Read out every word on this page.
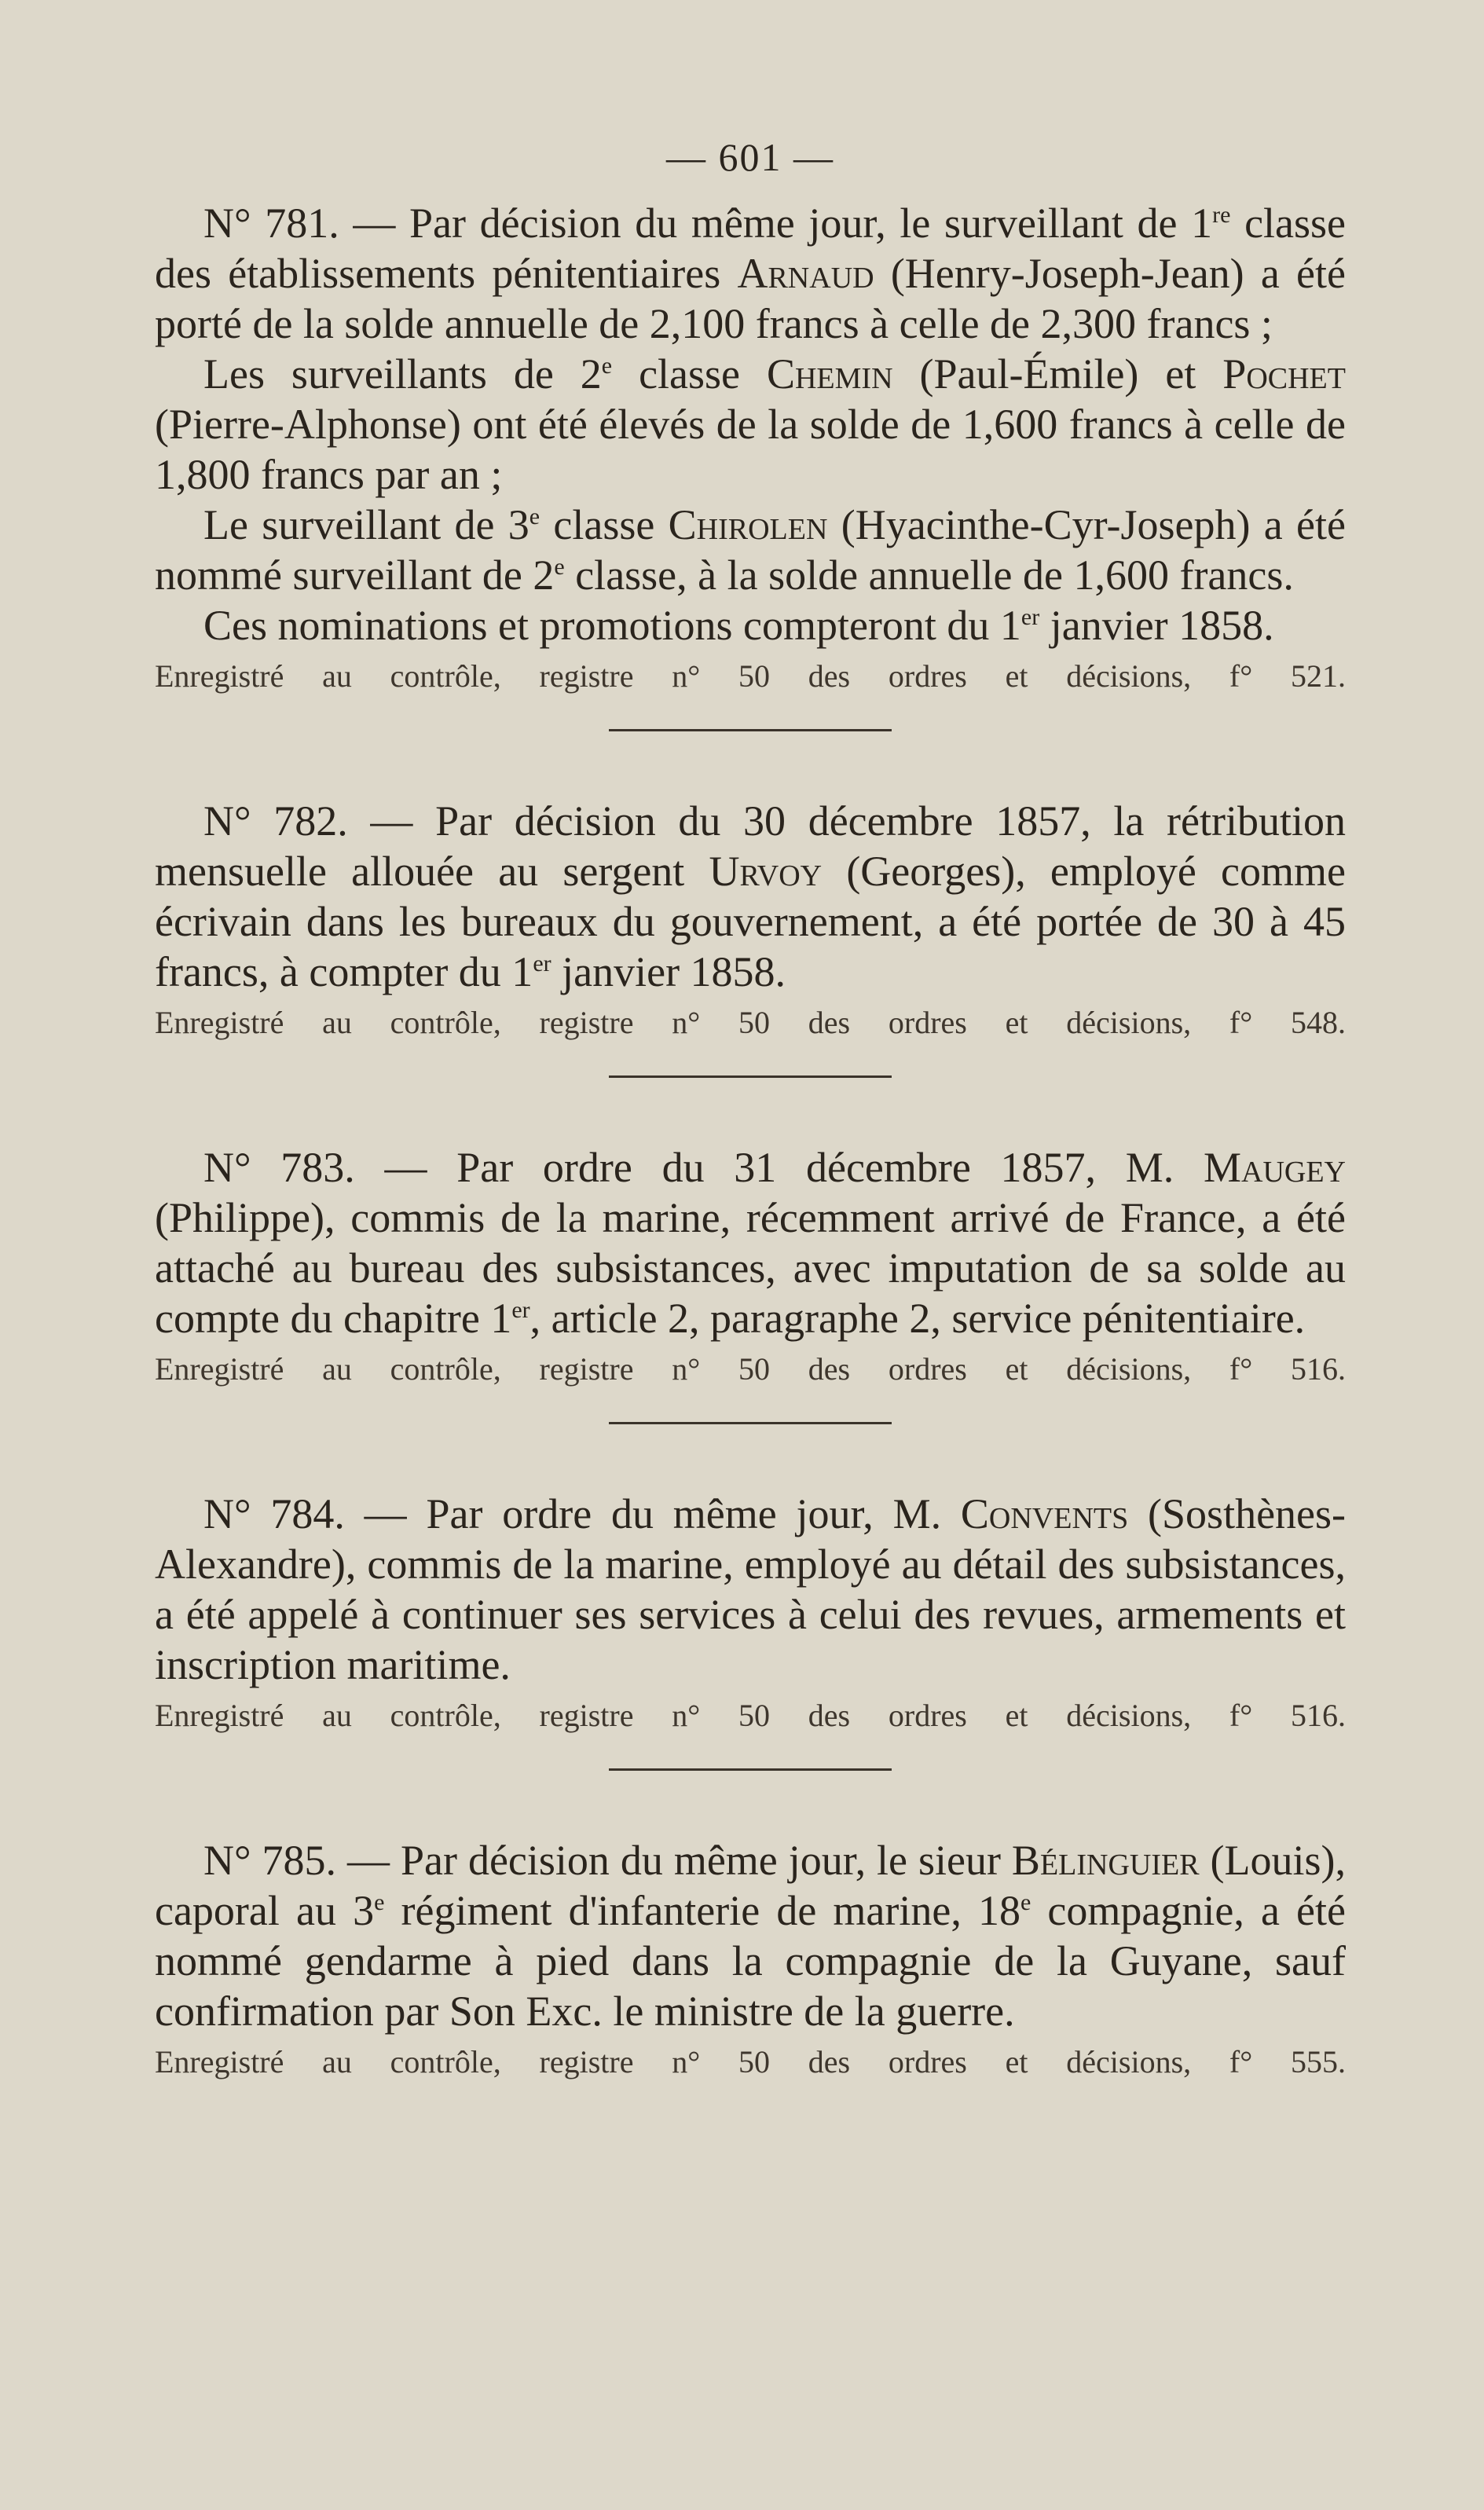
— 601 —

N° 781. — Par décision du même jour, le surveillant de 1re classe des établissements pénitentiaires Arnaud (Henry-Joseph-Jean) a été porté de la solde annuelle de 2,100 francs à celle de 2,300 francs ;

Les surveillants de 2e classe Chemin (Paul-Émile) et Pochet (Pierre-Alphonse) ont été élevés de la solde de 1,600 francs à celle de 1,800 francs par an ;

Le surveillant de 3e classe Chirolen (Hyacinthe-Cyr-Joseph) a été nommé surveillant de 2e classe, à la solde annuelle de 1,600 francs.

Ces nominations et promotions compteront du 1er janvier 1858.

Enregistré au contrôle, registre n° 50 des ordres et décisions, f° 521.

N° 782. — Par décision du 30 décembre 1857, la rétribution mensuelle allouée au sergent Urvoy (Georges), employé comme écrivain dans les bureaux du gouvernement, a été portée de 30 à 45 francs, à compter du 1er janvier 1858.

Enregistré au contrôle, registre n° 50 des ordres et décisions, f° 548.

N° 783. — Par ordre du 31 décembre 1857, M. Maugey (Philippe), commis de la marine, récemment arrivé de France, a été attaché au bureau des subsistances, avec imputation de sa solde au compte du chapitre 1er, article 2, paragraphe 2, service pénitentiaire.

Enregistré au contrôle, registre n° 50 des ordres et décisions, f° 516.

N° 784. — Par ordre du même jour, M. Convents (Sosthènes-Alexandre), commis de la marine, employé au détail des subsistances, a été appelé à continuer ses services à celui des revues, armements et inscription maritime.

Enregistré au contrôle, registre n° 50 des ordres et décisions, f° 516.

N° 785. — Par décision du même jour, le sieur Bélinguier (Louis), caporal au 3e régiment d'infanterie de marine, 18e compagnie, a été nommé gendarme à pied dans la compagnie de la Guyane, sauf confirmation par Son Exc. le ministre de la guerre.

Enregistré au contrôle, registre n° 50 des ordres et décisions, f° 555.
